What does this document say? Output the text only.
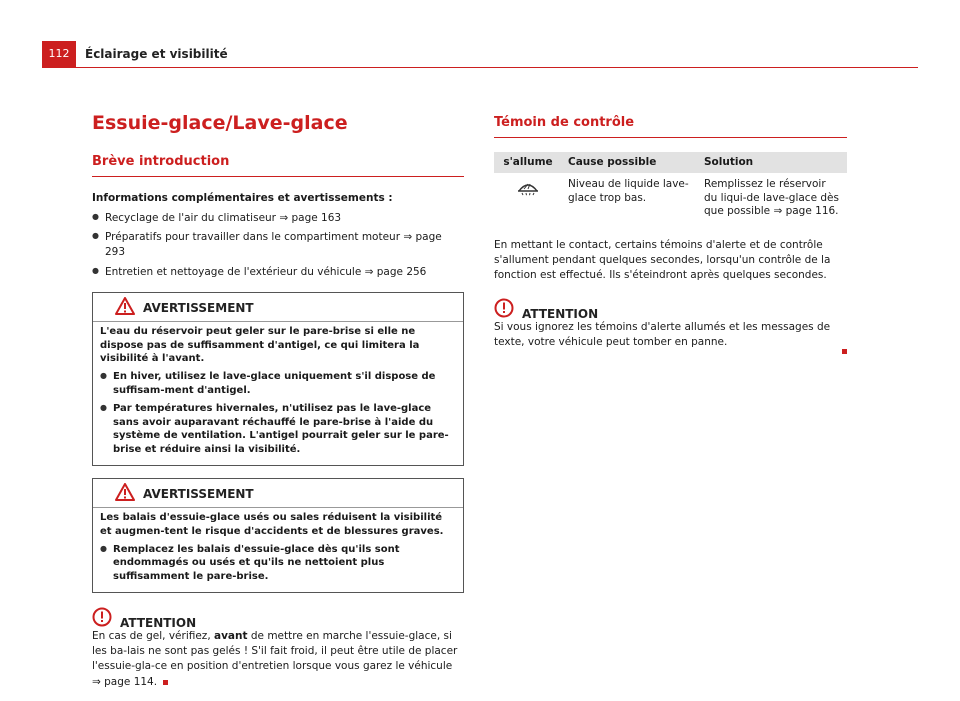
112	Éclairage et visibilité
Essuie-glace/Lave-glace
Brève introduction
Informations complémentaires et avertissements :
● Recyclage de l'air du climatiseur ⇒ page 163
● Préparatifs pour travailler dans le compartiment moteur ⇒ page 293
● Entretien et nettoyage de l'extérieur du véhicule ⇒ page 256
AVERTISSEMENT

L'eau du réservoir peut geler sur le pare-brise si elle ne dispose pas de suffisamment d'antigel, ce qui limitera la visibilité à l'avant.

● En hiver, utilisez le lave-glace uniquement s'il dispose de suffisam-ment d'antigel.
● Par températures hivernales, n'utilisez pas le lave-glace sans avoir auparavant réchauffé le pare-brise à l'aide du système de ventilation. L'antigel pourrait geler sur le pare-brise et réduire ainsi la visibilité.
AVERTISSEMENT

Les balais d'essuie-glace usés ou sales réduisent la visibilité et augmen-tent le risque d'accidents et de blessures graves.

● Remplacez les balais d'essuie-glace dès qu'ils sont endommagés ou usés et qu'ils ne nettoient plus suffisamment le pare-brise.
ATTENTION

En cas de gel, vérifiez, avant de mettre en marche l'essuie-glace, si les ba-lais ne sont pas gelés ! S'il fait froid, il peut être utile de placer l'essuie-gla-ce en position d'entretien lorsque vous garez le véhicule ⇒ page 114.

Témoin de contrôle
s'allume	Cause possible	Solution
	Niveau de liquide lave-glace trop bas.	Remplissez le réservoir du liqui-de lave-glace dès que possible ⇒ page 116.

En mettant le contact, certains témoins d'alerte et de contrôle s'allument pendant quelques secondes, lorsqu'un contrôle de la fonction est effectué. Ils s'éteindront après quelques secondes.

ATTENTION

Si vous ignorez les témoins d'alerte allumés et les messages de texte, votre véhicule peut tomber en panne.
